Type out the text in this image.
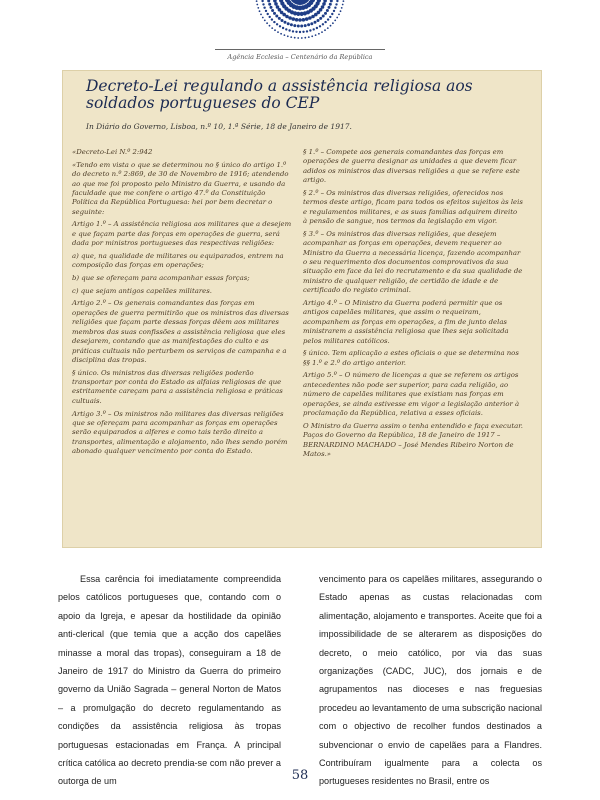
Agência Ecclesia – Centenário da República
Decreto-Lei regulando a assistência religiosa aos soldados portugueses do CEP
In Diário do Governo, Lisboa, n.º 10, 1.ª Série, 18 de Janeiro de 1917.

«Decreto-Lei N.º 2:942

«Tendo em vista o que se determinou no § único do artigo 1.º do decreto n.º 2:869, de 30 de Novembro de 1916; atendendo ao que me foi proposto pelo Ministro da Guerra, e usando da faculdade que me confere o artigo 47.º da Constituição Política da República Portuguesa: hei por bem decretar o seguinte:

Artigo 1.º – A assistência religiosa aos militares que a desejem e que façam parte das forças em operações de guerra, será dada por ministros portugueses das respectivas religiões:

a) que, na qualidade de militares ou equiparados, entrem na composição das forças em operações;

b) que se ofereçam para acompanhar essas forças;

c) que sejam antigos capelães militares.

Artigo 2.º – Os generais comandantes das forças em operações de guerra permitirão que os ministros das diversas religiões que façam parte dessas forças dêem aos militares membros das suas confissões a assistência religiosa que eles desejarem, contando que as manifestações do culto e as práticas cultuais não perturbem os serviços de campanha e a disciplina das tropas.

§ único. Os ministros das diversas religiões poderão transportar por conta do Estado as alfaias religiosas de que estritamente careçam para a assistência religiosa e práticas cultuais.

Artigo 3.º – Os ministros não militares das diversas religiões que se ofereçam para acompanhar as forças em operações serão equiparados a alferes e como tais terão direito a transportes, alimentação e alojamento, não lhes sendo porém abonado qualquer vencimento por conta do Estado.

§ 1.º – Compete aos generais comandantes das forças em operações de guerra designar as unidades a que devem ficar adidos os ministros das diversas religiões a que se refere este artigo.

§ 2.º – Os ministros das diversas religiões, oferecidos nos termos deste artigo, ficam para todos os efeitos sujeitos às leis e regulamentos militares, e as suas famílias adquirem direito à pensão de sangue, nos termos da legislação em vigor.

§ 3.º – Os ministros das diversas religiões, que desejem acompanhar as forças em operações, devem requerer ao Ministro da Guerra a necessária licença, fazendo acompanhar o seu requerimento dos documentos comprovativos da sua situação em face da lei do recrutamento e da sua qualidade de ministro de qualquer religião, de certidão de idade e de certificado do registo criminal.

Artigo 4.º – O Ministro da Guerra poderá permitir que os antigos capelães militares, que assim o requeiram, acompanhem as forças em operações, a fim de junto delas ministrarem a assistência religiosa que lhes seja solicitada pelos militares católicos.

§ único. Tem aplicação a estes oficiais o que se determina nos §§ 1.º e 2.º do artigo anterior.

Artigo 5.º – O número de licenças a que se referem os artigos antecedentes não pode ser superior, para cada religião, ao número de capelães militares que existiam nas forças em operações, se ainda estivesse em vigor a legislação anterior à proclamação da República, relativa a esses oficiais.

O Ministro da Guerra assim o tenha entendido e faça executar. Paços do Governo da República, 18 de Janeiro de 1917 – BERNARDINO MACHADO – José Mendes Ribeiro Norton de Matos.»

Essa carência foi imediatamente compreendida pelos católicos portugueses que, contando com o apoio da Igreja, e apesar da hostilidade da opinião anti-clerical (que temia que a acção dos capelães minasse a moral das tropas), conseguiram a 18 de Janeiro de 1917 do Ministro da Guerra do primeiro governo da União Sagrada – general Norton de Matos – a promulgação do decreto regulamentando as condições da assistência religiosa às tropas portuguesas estacionadas em França. A principal crítica católica ao decreto prendia-se com não prever a outorga de um

vencimento para os capelães militares, assegurando o Estado apenas as custas relacionadas com alimentação, alojamento e transportes. Aceite que foi a impossibilidade de se alterarem as disposições do decreto, o meio católico, por via das suas organizações (CADC, JUC), dos jornais e de agrupamentos nas dioceses e nas freguesias procedeu ao levantamento de uma subscrição nacional com o objectivo de recolher fundos destinados a subvencionar o envio de capelães para a Flandres. Contribuíram igualmente para a colecta os portugueses residentes no Brasil, entre os

58
